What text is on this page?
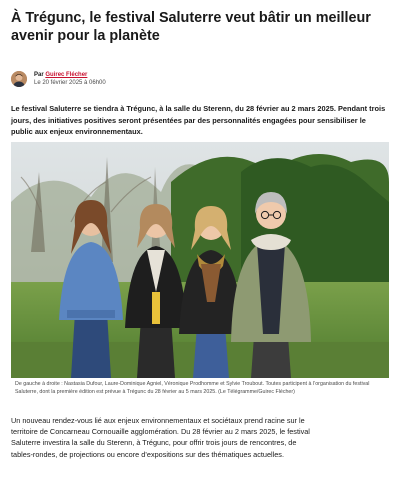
À Trégunc, le festival Saluterre veut bâtir un meilleur avenir pour la planète
Par Guirec Flécher
Le 20 février 2025 à 06h00

Le festival Saluterre se tiendra à Trégunc, à la salle du Sterenn, du 28 février au 2 mars 2025. Pendant trois jours, des initiatives positives seront présentées par des personnalités engagées pour sensibiliser le public aux enjeux environnementaux.

De gauche à droite : Nastasia Dufour, Laure-Dominique Agniel, Véronique Prodhomme et Sylvie Troubout. Toutes participent à l’organisation du festival Saluterre, dont la première édition est prévue à Trégunc du 28 février au 5 mars 2025. (Le Télégramme/Guirec Flécher)

Un nouveau rendez-vous lié aux enjeux environnementaux et sociétaux prend racine sur le territoire de Concarneau Cornouaille agglomération. Du 28 février au 2 mars 2025, le festival Saluterre investira la salle du Sterenn, à Trégunc, pour offrir trois jours de rencontres, de tables-rondes, de projections ou encore d’expositions sur des thématiques actuelles.
